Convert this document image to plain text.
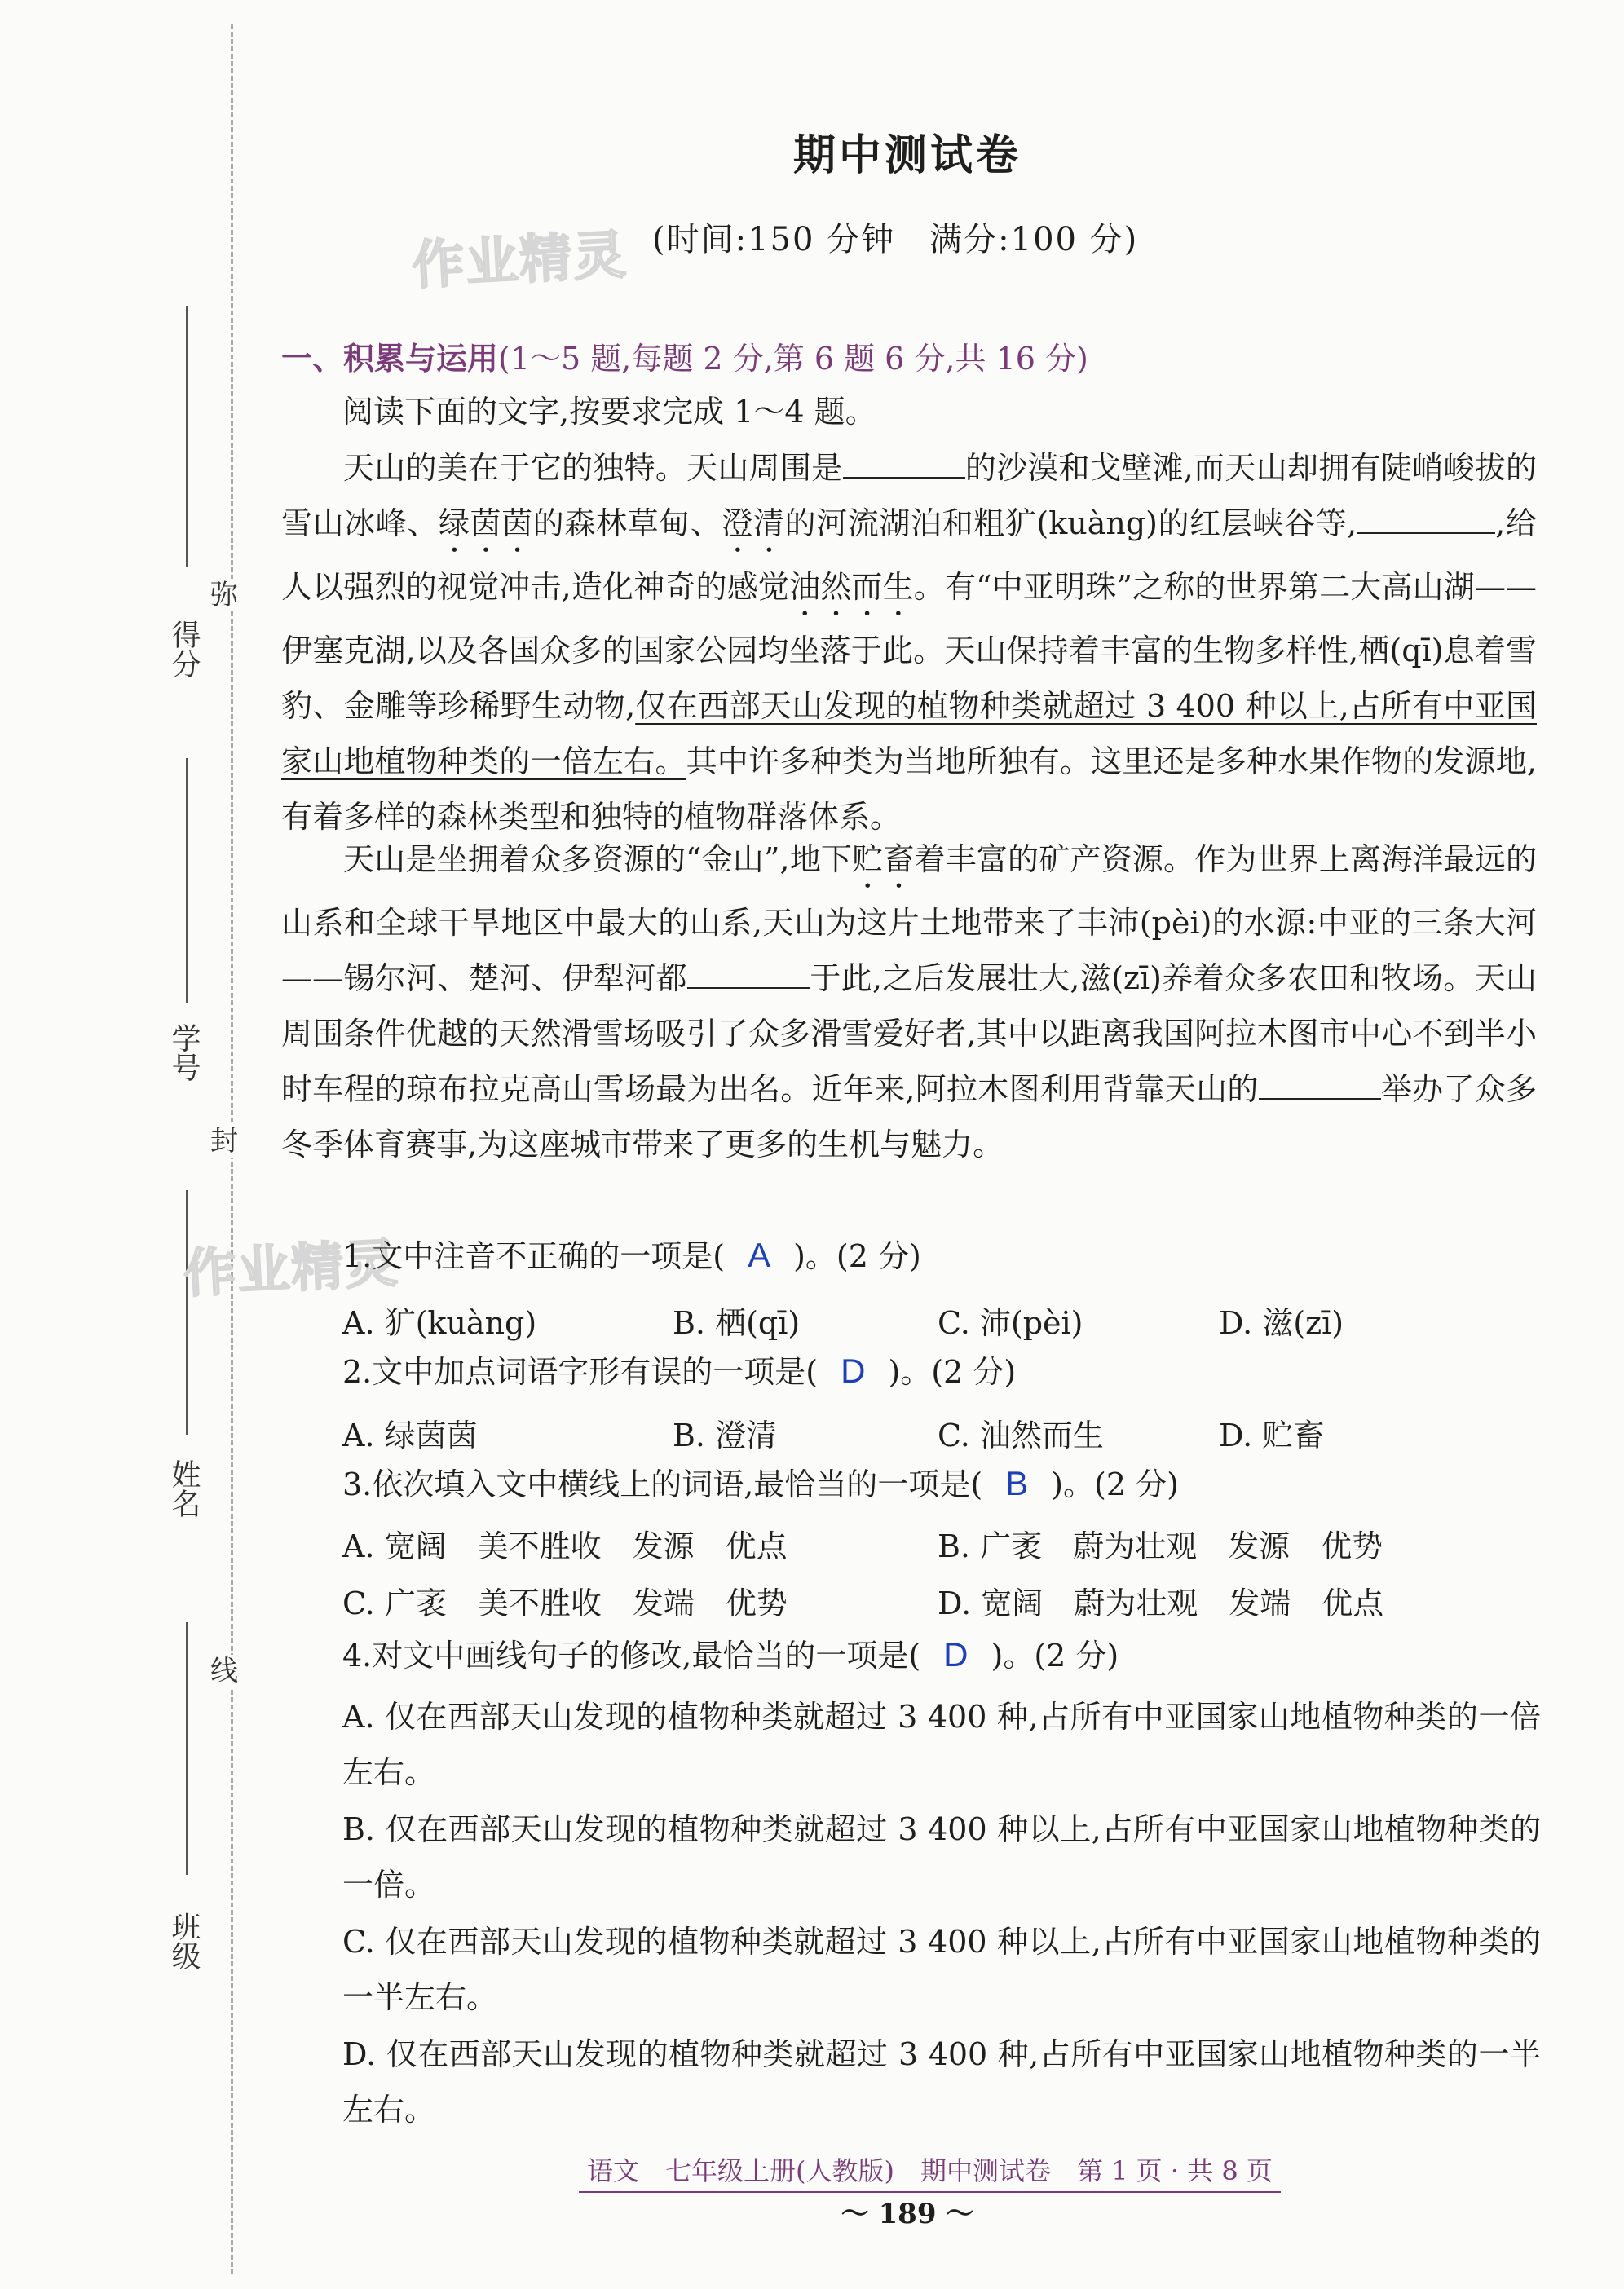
得分
学号
姓名
班级
弥
封
线
期中测试卷
作业精灵 (时间:150 分钟　满分:100 分)
一、积累与运用(1～5 题,每题 2 分,第 6 题 6 分,共 16 分)
阅读下面的文字,按要求完成 1～4 题。
天山的美在于它的独特。天山周围是	的沙漠和戈壁滩,而天山却拥有陡峭峻拔的雪山冰峰、绿茵茵的森林草甸、澄清的河流湖泊和粗犷(kuàng)的红层峡谷等,	,给人以强烈的视觉冲击,造化神奇的感觉油然而生。有“中亚明珠”之称的世界第二大高山湖——伊塞克湖,以及各国众多的国家公园均坐落于此。天山保持着丰富的生物多样性,栖(qī)息着雪豹、金雕等珍稀野生动物,仅在西部天山发现的植物种类就超过 3 400 种以上,占所有中亚国家山地植物种类的一倍左右。其中许多种类为当地所独有。这里还是多种水果作物的发源地,有着多样的森林类型和独特的植物群落体系。
天山是坐拥着众多资源的“金山”,地下贮畜着丰富的矿产资源。作为世界上离海洋最远的山系和全球干旱地区中最大的山系,天山为这片土地带来了丰沛(pèi)的水源:中亚的三条大河——锡尔河、楚河、伊犁河都	于此,之后发展壮大,滋(zī)养着众多农田和牧场。天山周围条件优越的天然滑雪场吸引了众多滑雪爱好者,其中以距离我国阿拉木图市中心不到半小时车程的琼布拉克高山雪场最为出名。近年来,阿拉木图利用背靠天山的	举办了众多冬季体育赛事,为这座城市带来了更多的生机与魅力。
作业精灵
1.文中注音不正确的一项是( A )。(2 分)
A. 犷(kuàng)	B. 栖(qī)	C. 沛(pèi)	D. 滋(zī)
2.文中加点词语字形有误的一项是( D )。(2 分)
A. 绿茵茵	B. 澄清	C. 油然而生	D. 贮畜
3.依次填入文中横线上的词语,最恰当的一项是( B )。(2 分)
A. 宽阔　美不胜收　发源　优点	B. 广袤　蔚为壮观　发源　优势
C. 广袤　美不胜收　发端　优势	D. 宽阔　蔚为壮观　发端　优点
4.对文中画线句子的修改,最恰当的一项是( D )。(2 分)
A. 仅在西部天山发现的植物种类就超过 3 400 种,占所有中亚国家山地植物种类的一倍左右。
B. 仅在西部天山发现的植物种类就超过 3 400 种以上,占所有中亚国家山地植物种类的一倍。
C. 仅在西部天山发现的植物种类就超过 3 400 种以上,占所有中亚国家山地植物种类的一半左右。
D. 仅在西部天山发现的植物种类就超过 3 400 种,占所有中亚国家山地植物种类的一半左右。
语文　七年级上册(人教版)　期中测试卷　第 1 页 · 共 8 页
～ 189 ～
